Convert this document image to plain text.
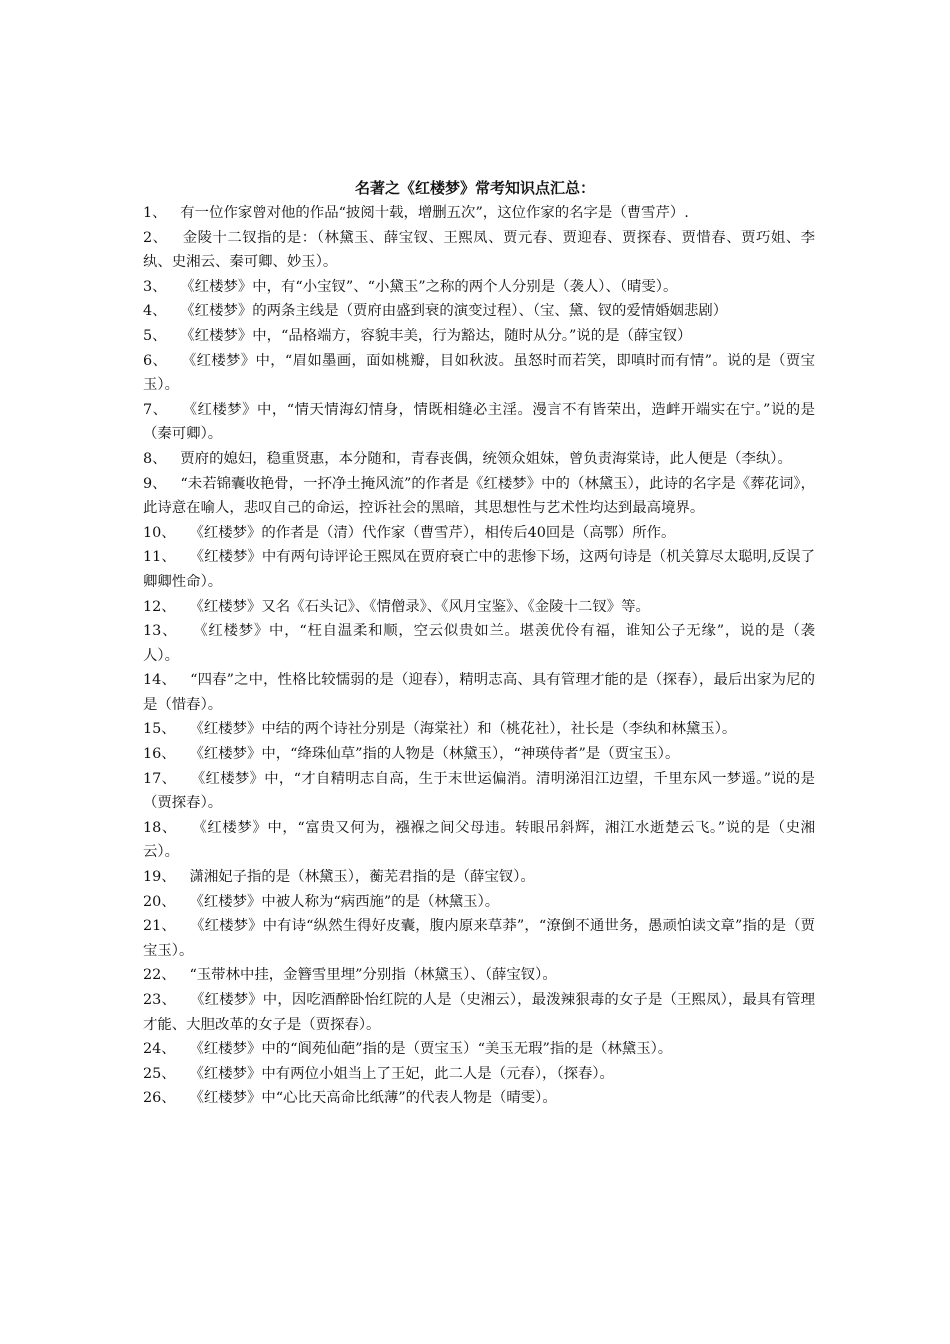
名著之《红楼梦》常考知识点汇总：
1、 有一位作家曾对他的作品“披阅十载，增删五次”，这位作家的名字是（曹雪芹）.
2、 金陵十二钗指的是：（林黛玉、薛宝钗、王熙凤、贾元春、贾迎春、贾探春、贾惜春、贾巧姐、李纨、史湘云、秦可卿、妙玉）。
3、 《红楼梦》中，有“小宝钗”、“小黛玉”之称的两个人分别是（袭人）、（晴雯）。
4、 《红楼梦》的两条主线是（贾府由盛到衰的演变过程）、（宝、黛、钗的爱情婚姻悲剧）
5、 《红楼梦》中，“品格端方，容貌丰美，行为豁达，随时从分。”说的是（薛宝钗）
6、 《红楼梦》中，“眉如墨画，面如桃瓣，目如秋波。虽怒时而若笑，即嗔时而有情”。说的是（贾宝玉）。
7、 《红楼梦》中，“情天情海幻情身，情既相缝必主淫。漫言不有皆荣出，造衅开端实在宁。”说的是（秦可卿）。
8、 贾府的媳妇，稳重贤惠，本分随和，青春丧偶，统领众姐妹，曾负责海棠诗，此人便是（李纨）。
9、 “未若锦囊收艳骨，一抔净土掩风流”的作者是《红楼梦》中的（林黛玉），此诗的名字是《葬花词》，此诗意在喻人，悲叹自己的命运，控诉社会的黑暗，其思想性与艺术性均达到最高境界。
10、 《红楼梦》的作者是（清）代作家（曹雪芹），相传后40回是（高鄂）所作。
11、 《红楼梦》中有两句诗评论王熙凤在贾府衰亡中的悲惨下场，这两句诗是（机关算尽太聪明,反误了卿卿性命）。
12、 《红楼梦》又名《石头记》、《情僧录》、《风月宝鉴》、《金陵十二钗》等。
13、 《红楼梦》中，“枉自温柔和顺，空云似贵如兰。堪羡优伶有福，谁知公子无缘”，说的是（袭人）。
14、 “四春”之中，性格比较懦弱的是（迎春），精明志高、具有管理才能的是（探春），最后出家为尼的是（惜春）。
15、 《红楼梦》中结的两个诗社分别是（海棠社）和（桃花社），社长是（李纨和林黛玉）。
16、 《红楼梦》中，“绛珠仙草”指的人物是（林黛玉），“神瑛侍者”是（贾宝玉）。
17、 《红楼梦》中，“才自精明志自高，生于末世运偏消。清明涕泪江边望，千里东风一梦遥。”说的是（贾探春）。
18、 《红楼梦》中，“富贵又何为，襁褓之间父母违。转眼吊斜辉，湘江水逝楚云飞。”说的是（史湘云）。
19、 潇湘妃子指的是（林黛玉），蘅芜君指的是（薛宝钗）。
20、 《红楼梦》中被人称为“病西施”的是（林黛玉）。
21、 《红楼梦》中有诗“纵然生得好皮囊，腹内原来草莽”，“潦倒不通世务，愚顽怕读文章”指的是（贾宝玉）。
22、 “玉带林中挂，金簪雪里埋”分别指（林黛玉）、（薛宝钗）。
23、 《红楼梦》中，因吃酒醉卧怡红院的人是（史湘云），最泼辣狠毒的女子是（王熙凤），最具有管理才能、大胆改革的女子是（贾探春）。
24、 《红楼梦》中的“阆苑仙葩”指的是（贾宝玉）“美玉无瑕”指的是（林黛玉）。
25、 《红楼梦》中有两位小姐当上了王妃，此二人是（元春），（探春）。
26、 《红楼梦》中“心比天高命比纸薄”的代表人物是（晴雯）。
